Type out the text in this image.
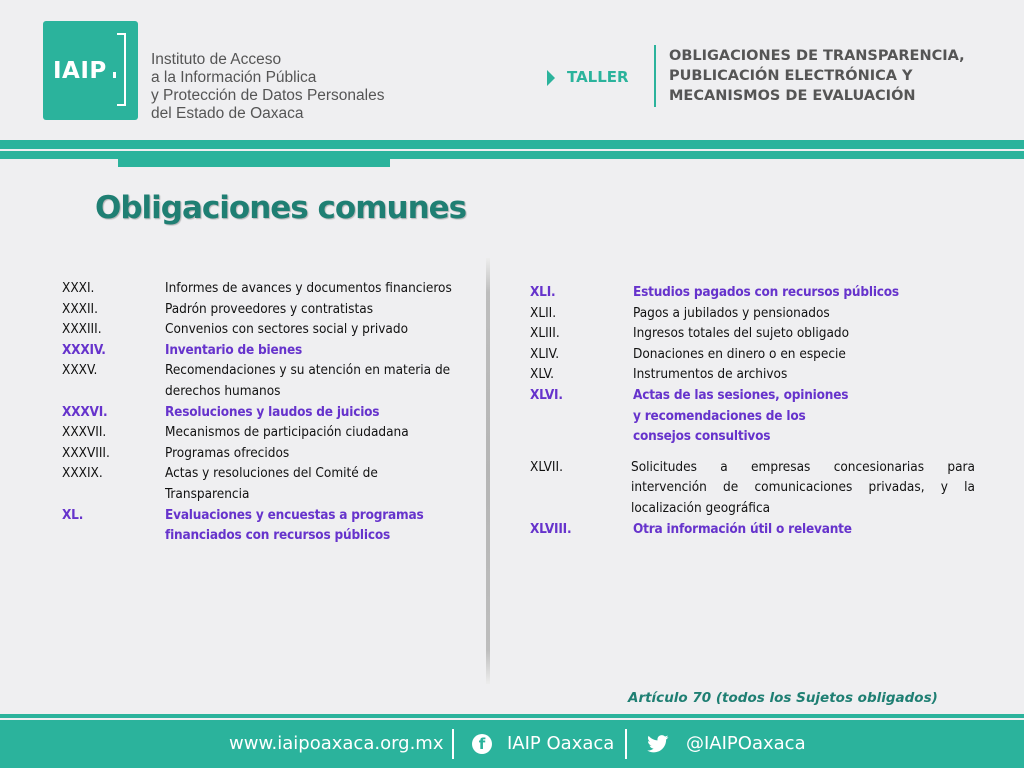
IAIP	Instituto de Acceso
a la Información Pública
y Protección de Datos Personales
del Estado de Oaxaca
TALLER
OBLIGACIONES DE TRANSPARENCIA,
PUBLICACIÓN ELECTRÓNICA Y
MECANISMOS DE EVALUACIÓN
Obligaciones comunes
XXXI.	Informes de avances y documentos financieros
XXXII.	Padrón proveedores y contratistas
XXXIII.	Convenios con sectores social y privado
XXXIV.	Inventario de bienes
XXXV.	Recomendaciones y su atención en materia de derechos humanos
XXXVI.	Resoluciones y laudos de juicios
XXXVII.	Mecanismos de participación ciudadana
XXXVIII.	Programas ofrecidos
XXXIX.	Actas y resoluciones del Comité de Transparencia
XL.	Evaluaciones y encuestas a programas financiados con recursos públicos
XLI.	Estudios pagados con recursos públicos
XLII.	Pagos a jubilados y pensionados
XLIII.	Ingresos totales del sujeto obligado
XLIV.	Donaciones en dinero o en especie
XLV.	Instrumentos de archivos
XLVI.	Actas de las sesiones, opiniones y recomendaciones de los consejos consultivos
XLVII.	Solicitudes a empresas concesionarias para intervención de comunicaciones privadas, y la localización geográfica
XLVIII.	Otra información útil o relevante
Artículo 70 (todos los Sujetos obligados)
www.iaipoaxaca.org.mx	f	IAIP Oaxaca	@IAIPOaxaca
